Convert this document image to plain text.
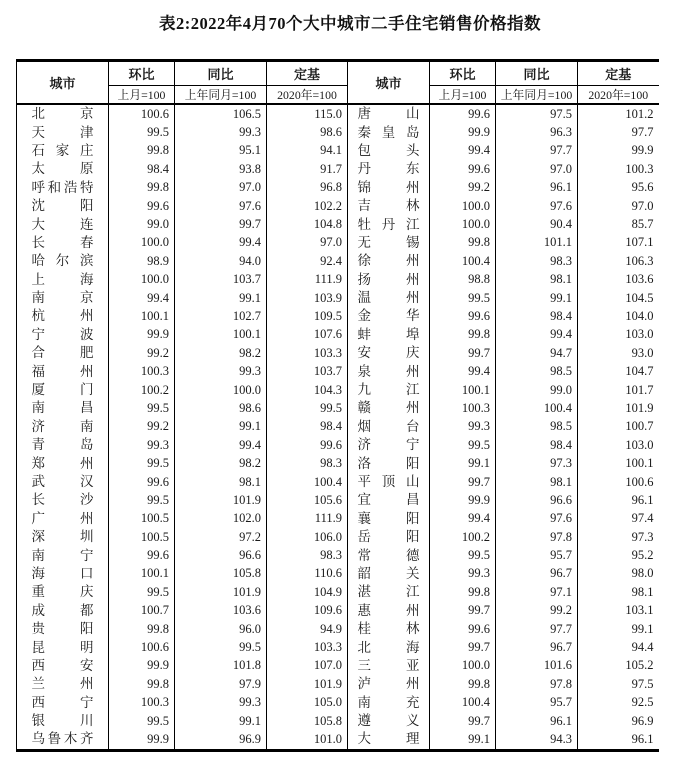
表2:2022年4月70个大中城市二手住宅销售价格指数
城市	环比	同比	定基	城市	环比	同比	定基
	上月=100	上年同月=100	2020年=100		上月=100	上年同月=100	2020年=100

北 京	100.6	106.5	115.0	唐 山	99.6	97.5	101.2

天 津	99.5	99.3	98.6	秦 皇 岛	99.9	96.3	97.7

石 家 庄	99.8	95.1	94.1	包 头	99.4	97.7	99.9

太 原	98.4	93.8	91.7	丹 东	99.6	97.0	100.3

呼 和 浩 特	99.8	97.0	96.8	锦 州	99.2	96.1	95.6

沈 阳	99.6	97.6	102.2	吉 林	100.0	97.6	97.0

大 连	99.0	99.7	104.8	牡 丹 江	100.0	90.4	85.7

长 春	100.0	99.4	97.0	无 锡	99.8	101.1	107.1

哈 尔 滨	98.9	94.0	92.4	徐 州	100.4	98.3	106.3

上 海	100.0	103.7	111.9	扬 州	98.8	98.1	103.6

南 京	99.4	99.1	103.9	温 州	99.5	99.1	104.5

杭 州	100.1	102.7	109.5	金 华	99.6	98.4	104.0

宁 波	99.9	100.1	107.6	蚌 埠	99.8	99.4	103.0

合 肥	99.2	98.2	103.3	安 庆	99.7	94.7	93.0

福 州	100.3	99.3	103.7	泉 州	99.4	98.5	104.7

厦 门	100.2	100.0	104.3	九 江	100.1	99.0	101.7

南 昌	99.5	98.6	99.5	赣 州	100.3	100.4	101.9

济 南	99.2	99.1	98.4	烟 台	99.3	98.5	100.7

青 岛	99.3	99.4	99.6	济 宁	99.5	98.4	103.0

郑 州	99.5	98.2	98.3	洛 阳	99.1	97.3	100.1

武 汉	99.6	98.1	100.4	平 顶 山	99.7	98.1	100.6

长 沙	99.5	101.9	105.6	宜 昌	99.9	96.6	96.1

广 州	100.5	102.0	111.9	襄 阳	99.4	97.6	97.4

深 圳	100.5	97.2	106.0	岳 阳	100.2	97.8	97.3

南 宁	99.6	96.6	98.3	常 德	99.5	95.7	95.2

海 口	100.1	105.8	110.6	韶 关	99.3	96.7	98.0

重 庆	99.5	101.9	104.9	湛 江	99.8	97.1	98.1

成 都	100.7	103.6	109.6	惠 州	99.7	99.2	103.1

贵 阳	99.8	96.0	94.9	桂 林	99.6	97.7	99.1

昆 明	100.6	99.5	103.3	北 海	99.7	96.7	94.4

西 安	99.9	101.8	107.0	三 亚	100.0	101.6	105.2

兰 州	99.8	97.9	101.9	泸 州	99.8	97.8	97.5

西 宁	100.3	99.3	105.0	南 充	100.4	95.7	92.5

银 川	99.5	99.1	105.8	遵 义	99.7	96.1	96.9

乌 鲁 木 齐	99.9	96.9	101.0	大 理	99.1	94.3	96.1
